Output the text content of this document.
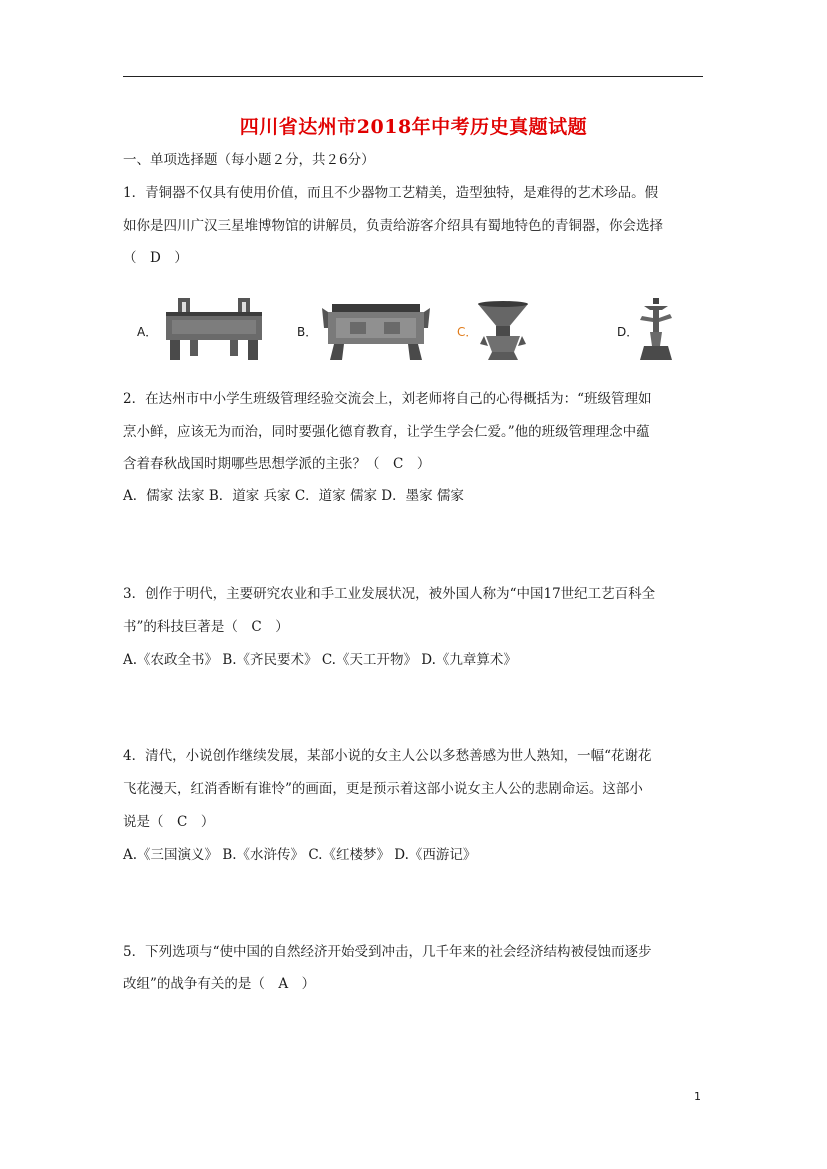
四川省达州市2018年中考历史真题试题
一、单项选择题（每小题２分，共２6分）
1．青铜器不仅具有使用价值，而且不少器物工艺精美，造型独特，是难得的艺术珍品。假
如你是四川广汉三星堆博物馆的讲解员，负责给游客介绍具有蜀地特色的青铜器，你会选择
（　D　）
A．	B．	C．	D．
2．在达州市中小学生班级管理经验交流会上，刘老师将自己的心得概括为：“班级管理如
烹小鲜，应该无为而治，同时要强化德育教育，让学生学会仁爱。”他的班级管理理念中蕴
含着春秋战国时期哪些思想学派的主张？（　C　）
A．儒家 法家 B．道家 兵家 C．道家 儒家 D．墨家 儒家
3．创作于明代，主要研究农业和手工业发展状况，被外国人称为“中国17世纪工艺百科全
书”的科技巨著是（　C　）
A.《农政全书》 B.《齐民要术》 C.《天工开物》 D.《九章算术》
4．清代，小说创作继续发展，某部小说的女主人公以多愁善感为世人熟知，一幅“花谢花
飞花漫天，红消香断有谁怜”的画面，更是预示着这部小说女主人公的悲剧命运。这部小
说是（　C　）
A.《三国演义》 B.《水浒传》 C.《红楼梦》 D.《西游记》
5．下列选项与“使中国的自然经济开始受到冲击，几千年来的社会经济结构被侵蚀而逐步
改组”的战争有关的是（　A　）
1
